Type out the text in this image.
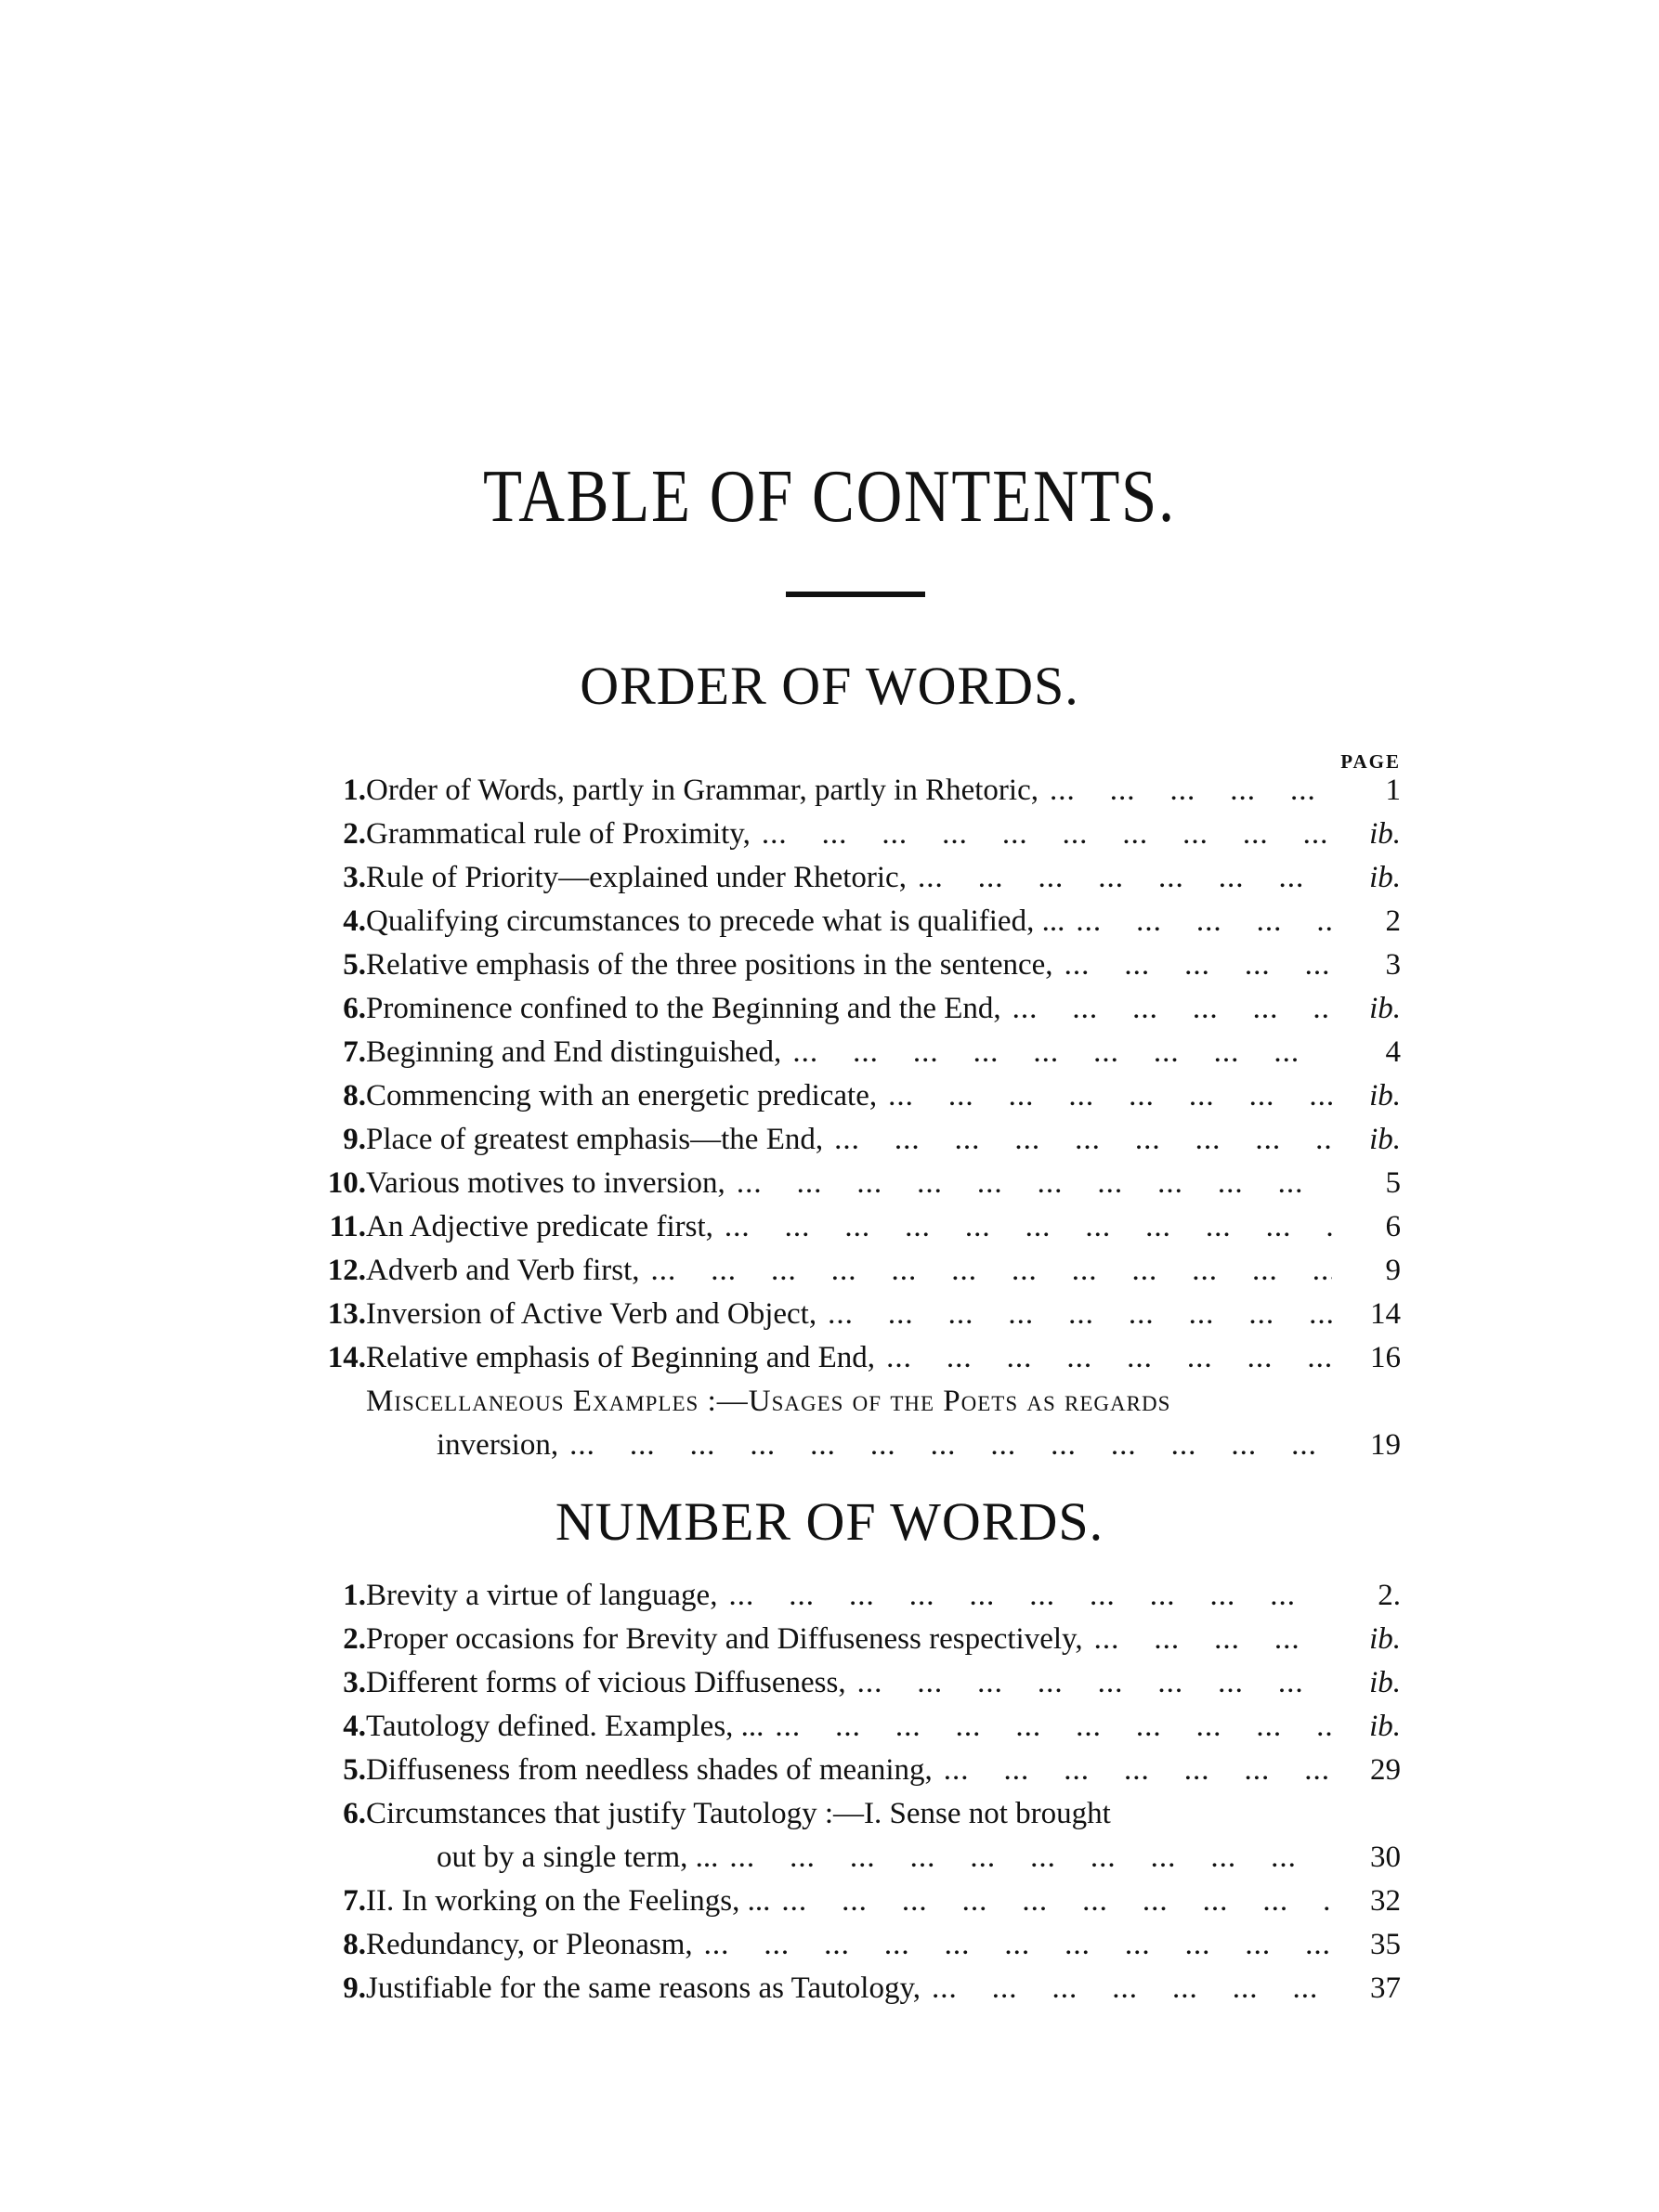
TABLE OF CONTENTS.
ORDER OF WORDS.
PAGE
1. Order of Words, partly in Grammar, partly in Rhetoric, ...	1
2. Grammatical rule of Proximity, ...	ib.
3. Rule of Priority—explained under Rhetoric, ...	ib.
4. Qualifying circumstances to precede what is qualified, ... ...	2
5. Relative emphasis of the three positions in the sentence, ...	3
6. Prominence confined to the Beginning and the End, ...	ib.
7. Beginning and End distinguished, ...	4
8. Commencing with an energetic predicate, ...	ib.
9. Place of greatest emphasis—the End, ...	ib.
10. Various motives to inversion, ...	5
11. An Adjective predicate first, ...	6
12. Adverb and Verb first, ...	9
13. Inversion of Active Verb and Object, ...	14
14. Relative emphasis of Beginning and End, ...	16
Miscellaneous Examples :—Usages of the Poets as regards
inversion, ...	19
NUMBER OF WORDS.
1. Brevity a virtue of language, ...	2.
2. Proper occasions for Brevity and Diffuseness respectively, ...	ib.
3. Different forms of vicious Diffuseness, ...	ib.
4. Tautology defined. Examples, ... ...	ib.
5. Diffuseness from needless shades of meaning, ...	29
6. Circumstances that justify Tautology :—I. Sense not brought
out by a single term, ... ...	30
7. II. In working on the Feelings, ... ...	32
8. Redundancy, or Pleonasm, ...	35
9. Justifiable for the same reasons as Tautology, ...	37
